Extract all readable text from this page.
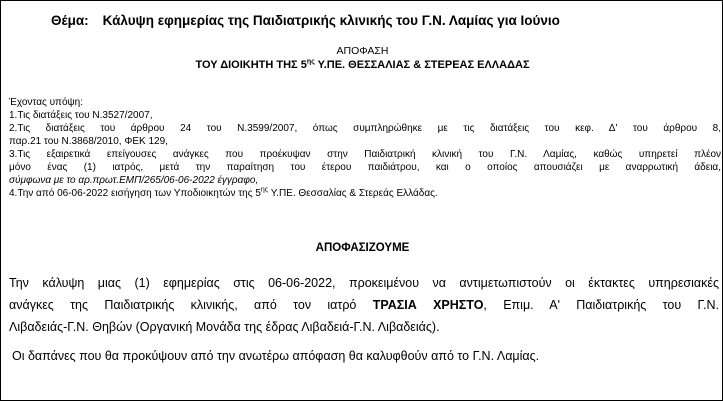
Θέμα: Κάλυψη εφημερίας της Παιδιατρικής κλινικής του Γ.Ν. Λαμίας για Ιούνιο
ΑΠΟΦΑΣΗ
ΤΟΥ ΔΙΟΙΚΗΤΗ ΤΗΣ $5^{\eta\varsigma}$ Υ.ΠΕ. ΘΕΣΣΑΛΙΑΣ & ΣΤΕΡΕΑΣ ΕΛΛΑΔΑΣ
Έχοντας υπόψη:
1.Τις διατάξεις του Ν.3527/2007,
2.Τις διατάξεις του άρθρου 24 του Ν.3599/2007, όπως συμπληρώθηκε με τις διατάξεις του κεφ. Δ' του άρθρου 8,
παρ.21 του Ν.3868/2010, ΦΕΚ 129,
3.Τις εξαιρετικά επείγουσες ανάγκες που προέκυψαν στην Παιδιατρική κλινική του Γ.Ν. Λαμίας, καθώς υπηρετεί πλέον
μόνο ένας (1) ιατρός, μετά την παραίτηση του έτερου παιδιάτρου, και ο οποίος απουσιάζει με αναρρωτική άδεια,
σύμφωνα με το αρ.πρωτ.ΕΜΠ/265/06-06-2022 έγγραφο,
4.Την από 06-06-2022 εισήγηση των Υποδιοικητών της $5^{\eta\varsigma}$ Υ.ΠΕ. Θεσσαλίας & Στερεάς Ελλάδας.
ΑΠΟΦΑΣΙΖΟΥΜΕ
Την κάλυψη μιας (1) εφημερίας στις 06-06-2022, προκειμένου να αντιμετωπιστούν οι έκτακτες υπηρεσιακές
ανάγκες της Παιδιατρικής κλινικής, από τον ιατρό ΤΡΑΣΙΑ ΧΡΗΣΤΟ, Επιμ. Α' Παιδιατρικής του Γ.Ν.
Λιβαδειάς-Γ.Ν. Θηβών (Οργανική Μονάδα της έδρας Λιβαδειά-Γ.Ν. Λιβαδειάς).
Οι δαπάνες που θα προκύψουν από την ανωτέρω απόφαση θα καλυφθούν από το Γ.Ν. Λαμίας.
